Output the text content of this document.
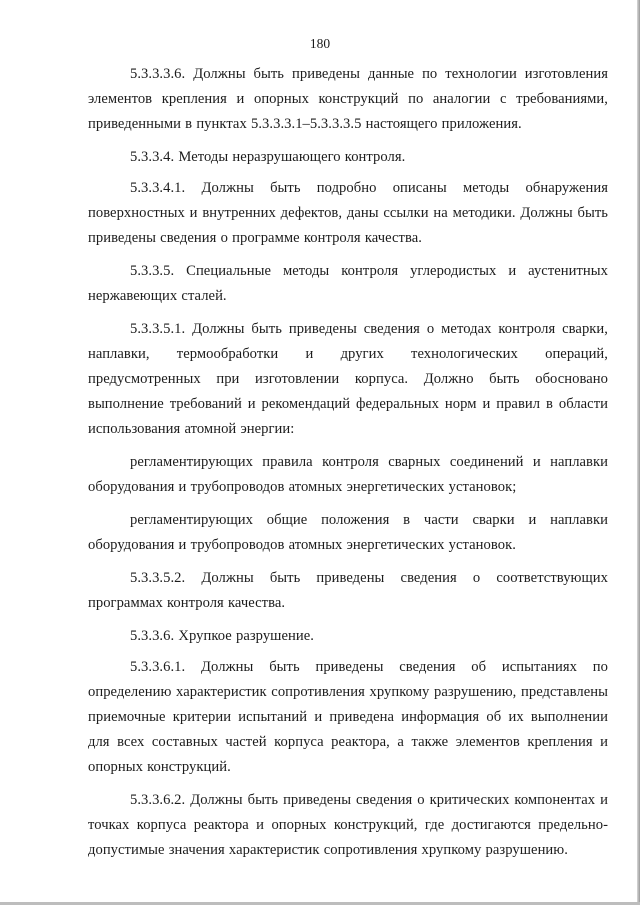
180

5.3.3.3.6. Должны быть приведены данные по технологии изготовления элементов крепления и опорных конструкций по аналогии с требованиями, приведенными в пунктах 5.3.3.3.1–5.3.3.3.5 настоящего приложения.

5.3.3.4. Методы неразрушающего контроля.

5.3.3.4.1. Должны быть подробно описаны методы обнаружения поверхностных и внутренних дефектов, даны ссылки на методики. Должны быть приведены сведения о программе контроля качества.

5.3.3.5. Специальные методы контроля углеродистых и аустенитных нержавеющих сталей.

5.3.3.5.1. Должны быть приведены сведения о методах контроля сварки, наплавки, термообработки и других технологических операций, предусмотренных при изготовлении корпуса. Должно быть обосновано выполнение требований и рекомендаций федеральных норм и правил в области использования атомной энергии:

регламентирующих правила контроля сварных соединений и наплавки оборудования и трубопроводов атомных энергетических установок;

регламентирующих общие положения в части сварки и наплавки оборудования и трубопроводов атомных энергетических установок.

5.3.3.5.2. Должны быть приведены сведения о соответствующих программах контроля качества.

5.3.3.6. Хрупкое разрушение.

5.3.3.6.1. Должны быть приведены сведения об испытаниях по определению характеристик сопротивления хрупкому разрушению, представлены приемочные критерии испытаний и приведена информация об их выполнении для всех составных частей корпуса реактора, а также элементов крепления и опорных конструкций.

5.3.3.6.2. Должны быть приведены сведения о критических компонентах и точках корпуса реактора и опорных конструкций, где достигаются предельно-допустимые значения характеристик сопротивления хрупкому разрушению.
